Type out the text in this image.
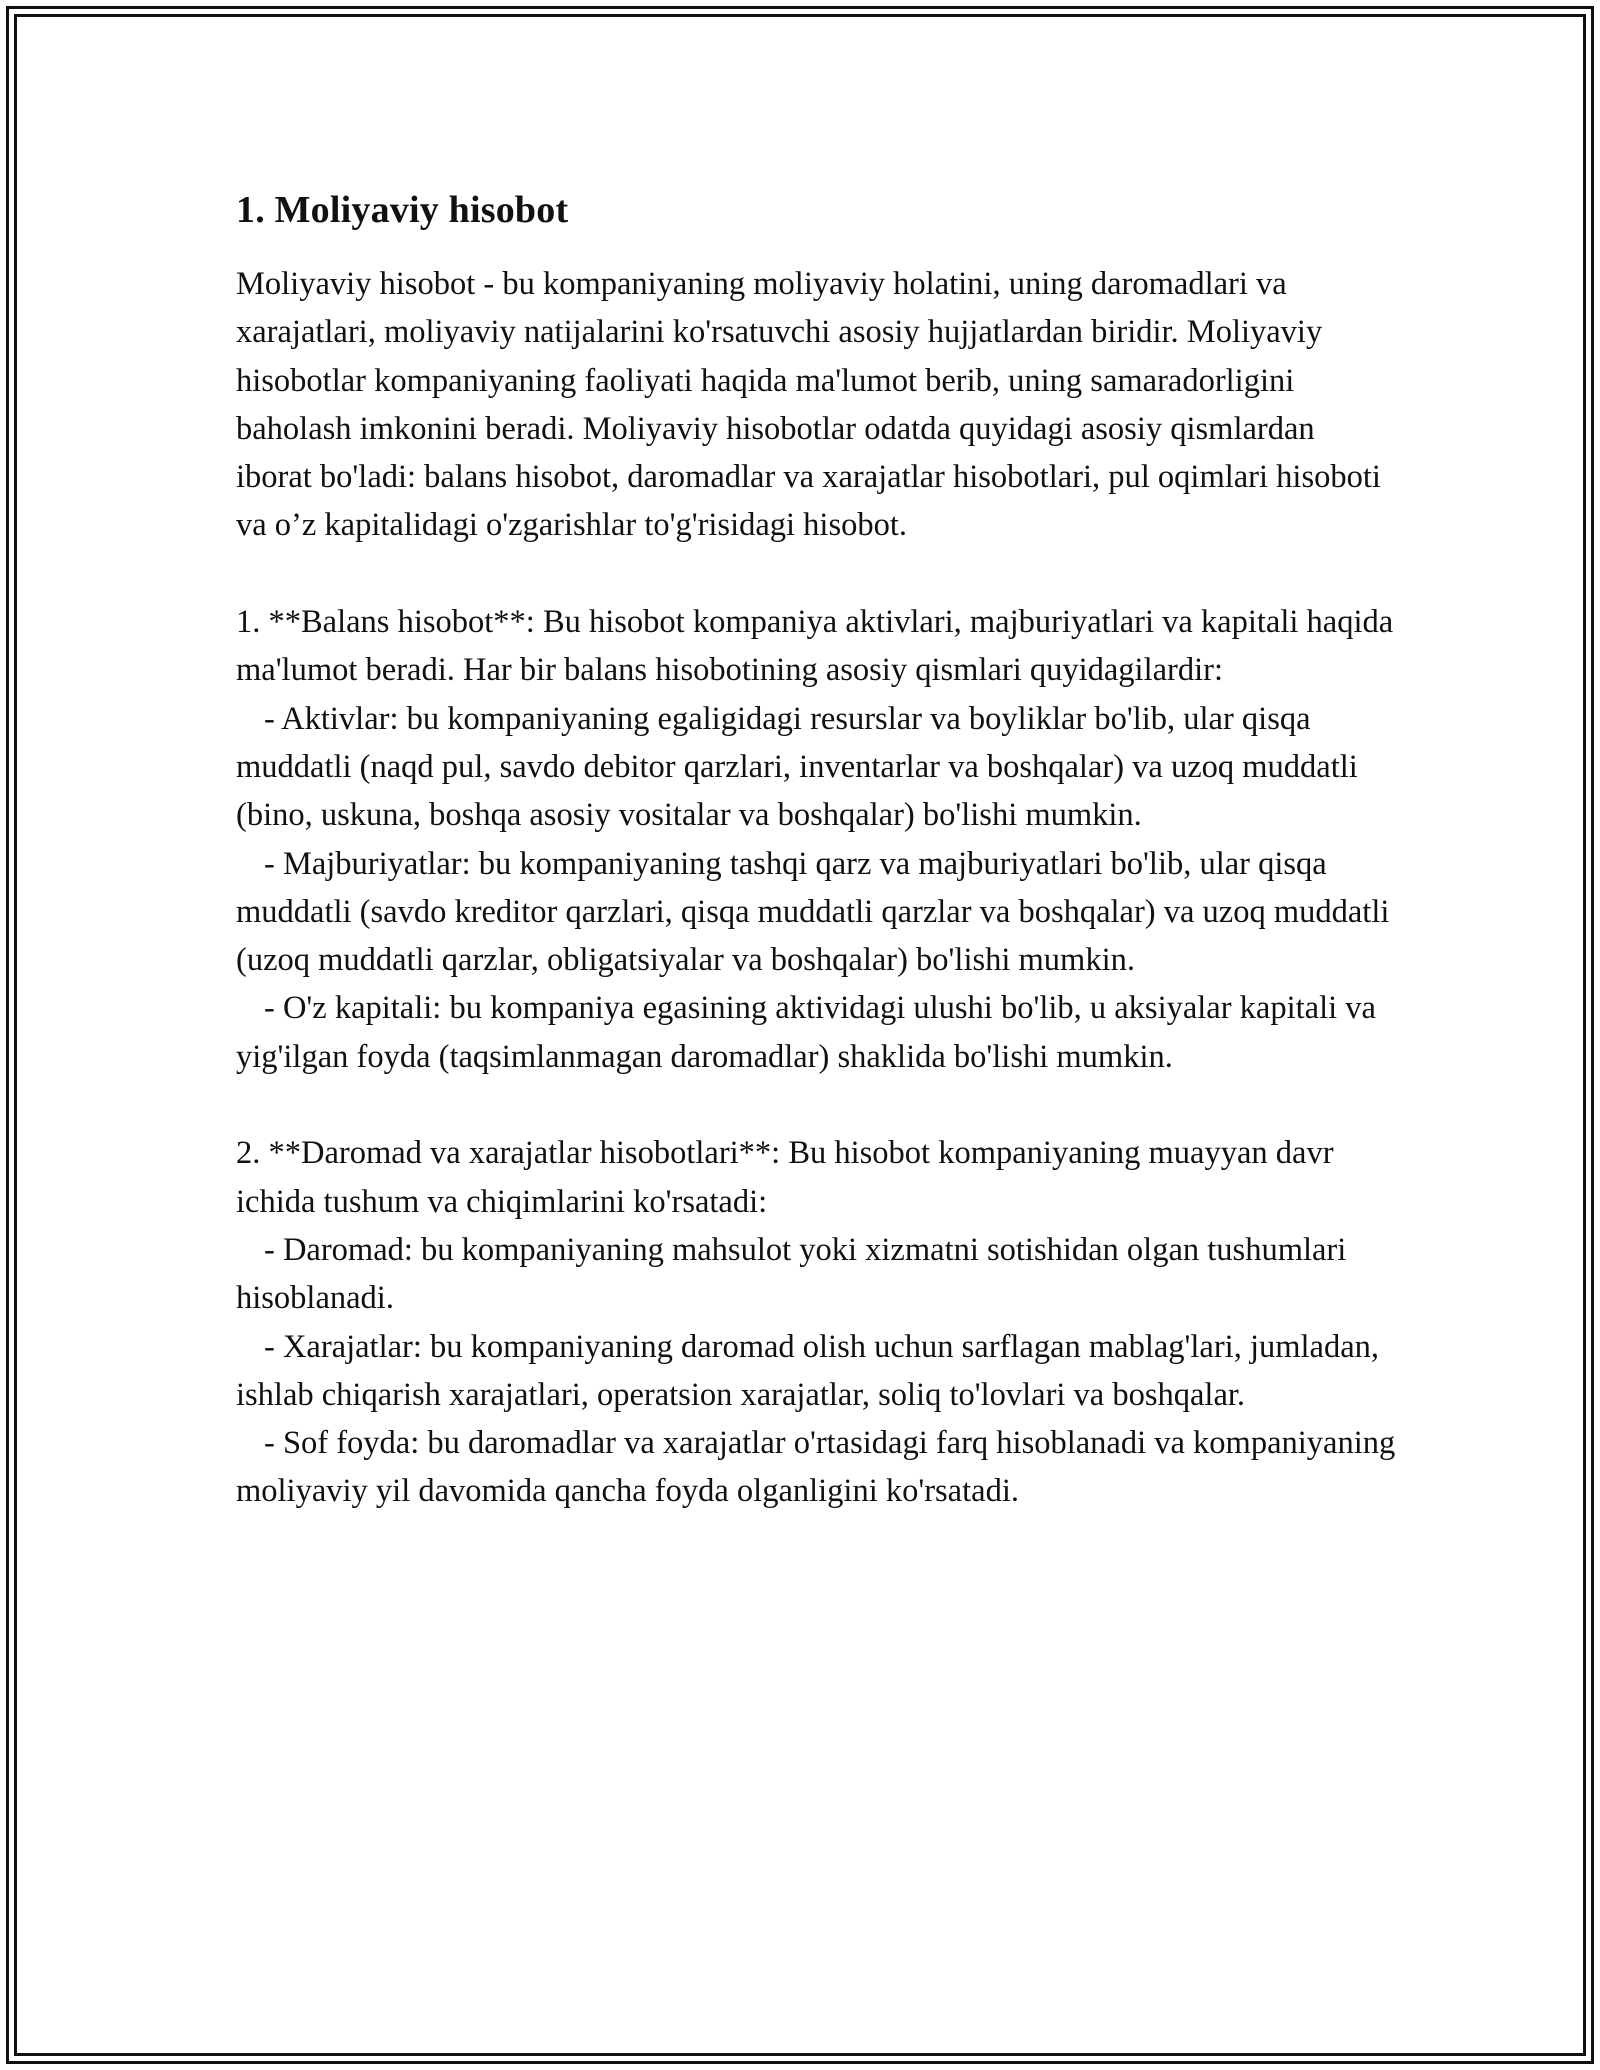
1. Moliyaviy hisobot

Moliyaviy hisobot - bu kompaniyaning moliyaviy holatini, uning daromadlari va xarajatlari, moliyaviy natijalarini ko'rsatuvchi asosiy hujjatlardan biridir. Moliyaviy hisobotlar kompaniyaning faoliyati haqida ma'lumot berib, uning samaradorligini baholash imkonini beradi. Moliyaviy hisobotlar odatda quyidagi asosiy qismlardan iborat bo'ladi: balans hisobot, daromadlar va xarajatlar hisobotlari, pul oqimlari hisoboti va o’z kapitalidagi o'zgarishlar to'g'risidagi hisobot.

1. **Balans hisobot**: Bu hisobot kompaniya aktivlari, majburiyatlari va kapitali haqida ma'lumot beradi. Har bir balans hisobotining asosiy qismlari quyidagilardir:

- Aktivlar: bu kompaniyaning egaligidagi resurslar va boyliklar bo'lib, ular qisqa muddatli (naqd pul, savdo debitor qarzlari, inventarlar va boshqalar) va uzoq muddatli (bino, uskuna, boshqa asosiy vositalar va boshqalar) bo'lishi mumkin.

- Majburiyatlar: bu kompaniyaning tashqi qarz va majburiyatlari bo'lib, ular qisqa muddatli (savdo kreditor qarzlari, qisqa muddatli qarzlar va boshqalar) va uzoq muddatli (uzoq muddatli qarzlar, obligatsiyalar va boshqalar) bo'lishi mumkin.

- O'z kapitali: bu kompaniya egasining aktividagi ulushi bo'lib, u aksiyalar kapitali va yig'ilgan foyda (taqsimlanmagan daromadlar) shaklida bo'lishi mumkin.

2. **Daromad va xarajatlar hisobotlari**: Bu hisobot kompaniyaning muayyan davr ichida tushum va chiqimlarini ko'rsatadi:

- Daromad: bu kompaniyaning mahsulot yoki xizmatni sotishidan olgan tushumlari hisoblanadi.

- Xarajatlar: bu kompaniyaning daromad olish uchun sarflagan mablag'lari, jumladan, ishlab chiqarish xarajatlari, operatsion xarajatlar, soliq to'lovlari va boshqalar.

- Sof foyda: bu daromadlar va xarajatlar o'rtasidagi farq hisoblanadi va kompaniyaning moliyaviy yil davomida qancha foyda olganligini ko'rsatadi.
